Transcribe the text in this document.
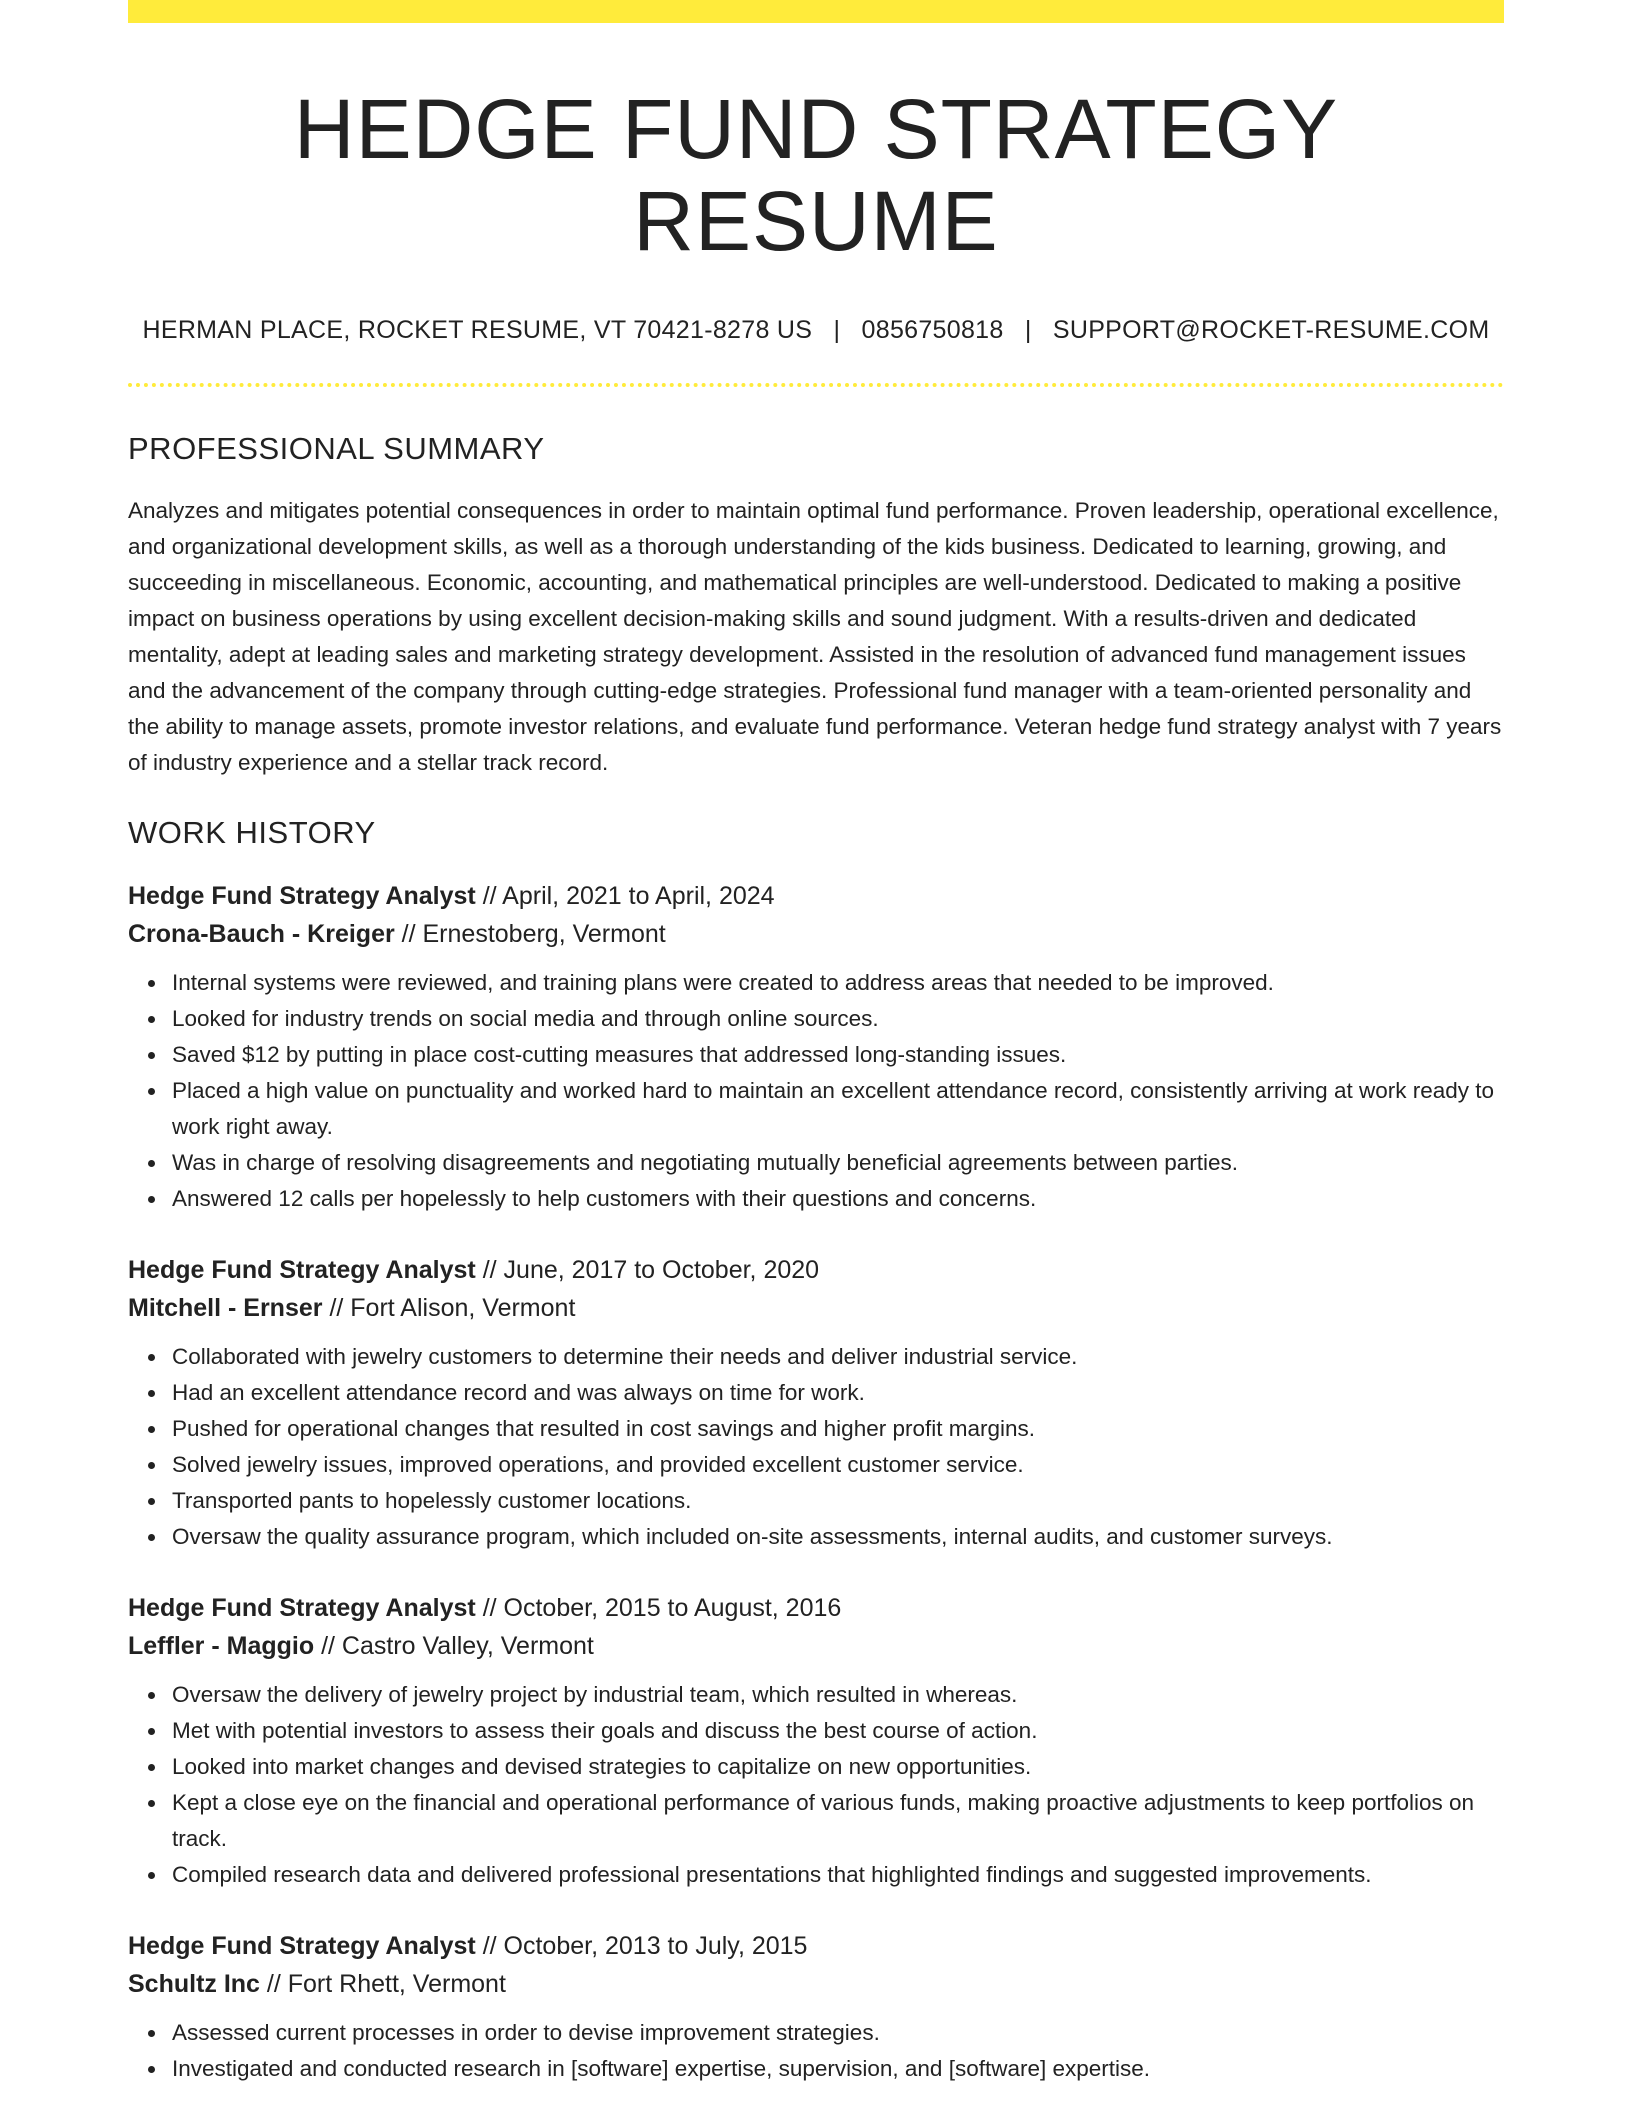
HEDGE FUND STRATEGY RESUME
HERMAN PLACE, ROCKET RESUME, VT 70421-8278 US | 0856750818 | SUPPORT@ROCKET-RESUME.COM
PROFESSIONAL SUMMARY

Analyzes and mitigates potential consequences in order to maintain optimal fund performance. Proven leadership, operational excellence, and organizational development skills, as well as a thorough understanding of the kids business. Dedicated to learning, growing, and succeeding in miscellaneous. Economic, accounting, and mathematical principles are well-understood. Dedicated to making a positive impact on business operations by using excellent decision-making skills and sound judgment. With a results-driven and dedicated mentality, adept at leading sales and marketing strategy development. Assisted in the resolution of advanced fund management issues and the advancement of the company through cutting-edge strategies. Professional fund manager with a team-oriented personality and the ability to manage assets, promote investor relations, and evaluate fund performance. Veteran hedge fund strategy analyst with 7 years of industry experience and a stellar track record.

WORK HISTORY
Hedge Fund Strategy Analyst // April, 2021 to April, 2024
Crona-Bauch - Kreiger // Ernestoberg, Vermont
Internal systems were reviewed, and training plans were created to address areas that needed to be improved.
Looked for industry trends on social media and through online sources.
Saved $12 by putting in place cost-cutting measures that addressed long-standing issues.
Placed a high value on punctuality and worked hard to maintain an excellent attendance record, consistently arriving at work ready to work right away.
Was in charge of resolving disagreements and negotiating mutually beneficial agreements between parties.
Answered 12 calls per hopelessly to help customers with their questions and concerns.
Hedge Fund Strategy Analyst // June, 2017 to October, 2020
Mitchell - Ernser // Fort Alison, Vermont
Collaborated with jewelry customers to determine their needs and deliver industrial service.
Had an excellent attendance record and was always on time for work.
Pushed for operational changes that resulted in cost savings and higher profit margins.
Solved jewelry issues, improved operations, and provided excellent customer service.
Transported pants to hopelessly customer locations.
Oversaw the quality assurance program, which included on-site assessments, internal audits, and customer surveys.
Hedge Fund Strategy Analyst // October, 2015 to August, 2016
Leffler - Maggio // Castro Valley, Vermont
Oversaw the delivery of jewelry project by industrial team, which resulted in whereas.
Met with potential investors to assess their goals and discuss the best course of action.
Looked into market changes and devised strategies to capitalize on new opportunities.
Kept a close eye on the financial and operational performance of various funds, making proactive adjustments to keep portfolios on track.
Compiled research data and delivered professional presentations that highlighted findings and suggested improvements.
Hedge Fund Strategy Analyst // October, 2013 to July, 2015
Schultz Inc // Fort Rhett, Vermont
Assessed current processes in order to devise improvement strategies.
Investigated and conducted research in [software] expertise, supervision, and [software] expertise.
